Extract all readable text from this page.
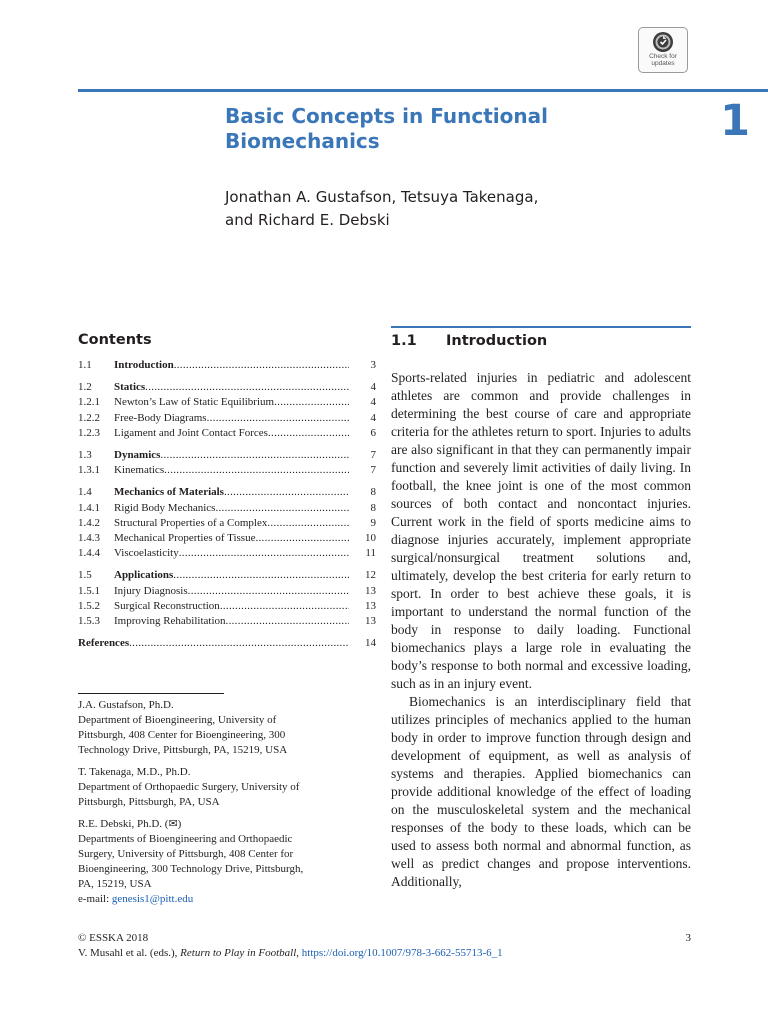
Check for
updates
Basic Concepts in Functional
Biomechanics	1
Jonathan A. Gustafson, Tetsuya Takenaga,
and Richard E. Debski
Contents
1.1	Introduction .....	3
1.2	Statics .....	4
1.2.1	Newton’s Law of Static Equilibrium .....	4
1.2.2	Free-Body Diagrams .....	4
1.2.3	Ligament and Joint Contact Forces .....	6
1.3	Dynamics .....	7
1.3.1	Kinematics .....	7
1.4	Mechanics of Materials .....	8
1.4.1	Rigid Body Mechanics .....	8
1.4.2	Structural Properties of a Complex .....	9
1.4.3	Mechanical Properties of Tissue .....	10
1.4.4	Viscoelasticity .....	11
1.5	Applications .....	12
1.5.1	Injury Diagnosis .....	13
1.5.2	Surgical Reconstruction .....	13
1.5.3	Improving Rehabilitation .....	13
References .....	14
J.A. Gustafson, Ph.D.
Department of Bioengineering, University of
Pittsburgh, 408 Center for Bioengineering, 300
Technology Drive, Pittsburgh, PA, 15219, USA
T. Takenaga, M.D., Ph.D.
Department of Orthopaedic Surgery, University of
Pittsburgh, Pittsburgh, PA, USA
R.E. Debski, Ph.D. (✉)
Departments of Bioengineering and Orthopaedic
Surgery, University of Pittsburgh, 408 Center for
Bioengineering, 300 Technology Drive, Pittsburgh,
PA, 15219, USA
e-mail: genesis1@pitt.edu
1.1 Introduction

Sports-related injuries in pediatric and adolescent athletes are common and provide challenges in determining the best course of care and appropriate criteria for the athletes return to sport. Injuries to adults are also significant in that they can permanently impair function and severely limit activities of daily living. In football, the knee joint is one of the most common sources of both contact and noncontact injuries. Current work in the field of sports medicine aims to diagnose injuries accurately, implement appropriate surgical/nonsurgical treatment solutions and, ultimately, develop the best criteria for early return to sport. In order to best achieve these goals, it is important to understand the normal function of the body in response to daily loading. Functional biomechanics plays a large role in evaluating the body’s response to both normal and excessive loading, such as in an injury event.

Biomechanics is an interdisciplinary field that utilizes principles of mechanics applied to the human body in order to improve function through design and development of equipment, as well as analysis of systems and therapies. Applied biomechanics can provide additional knowledge of the effect of loading on the musculoskeletal system and the mechanical responses of the body to these loads, which can be used to assess both normal and abnormal function, as well as predict changes and propose interventions. Additionally,

© ESSKA 2018	3
V. Musahl et al. (eds.), Return to Play in Football, https://doi.org/10.1007/978-3-662-55713-6_1
